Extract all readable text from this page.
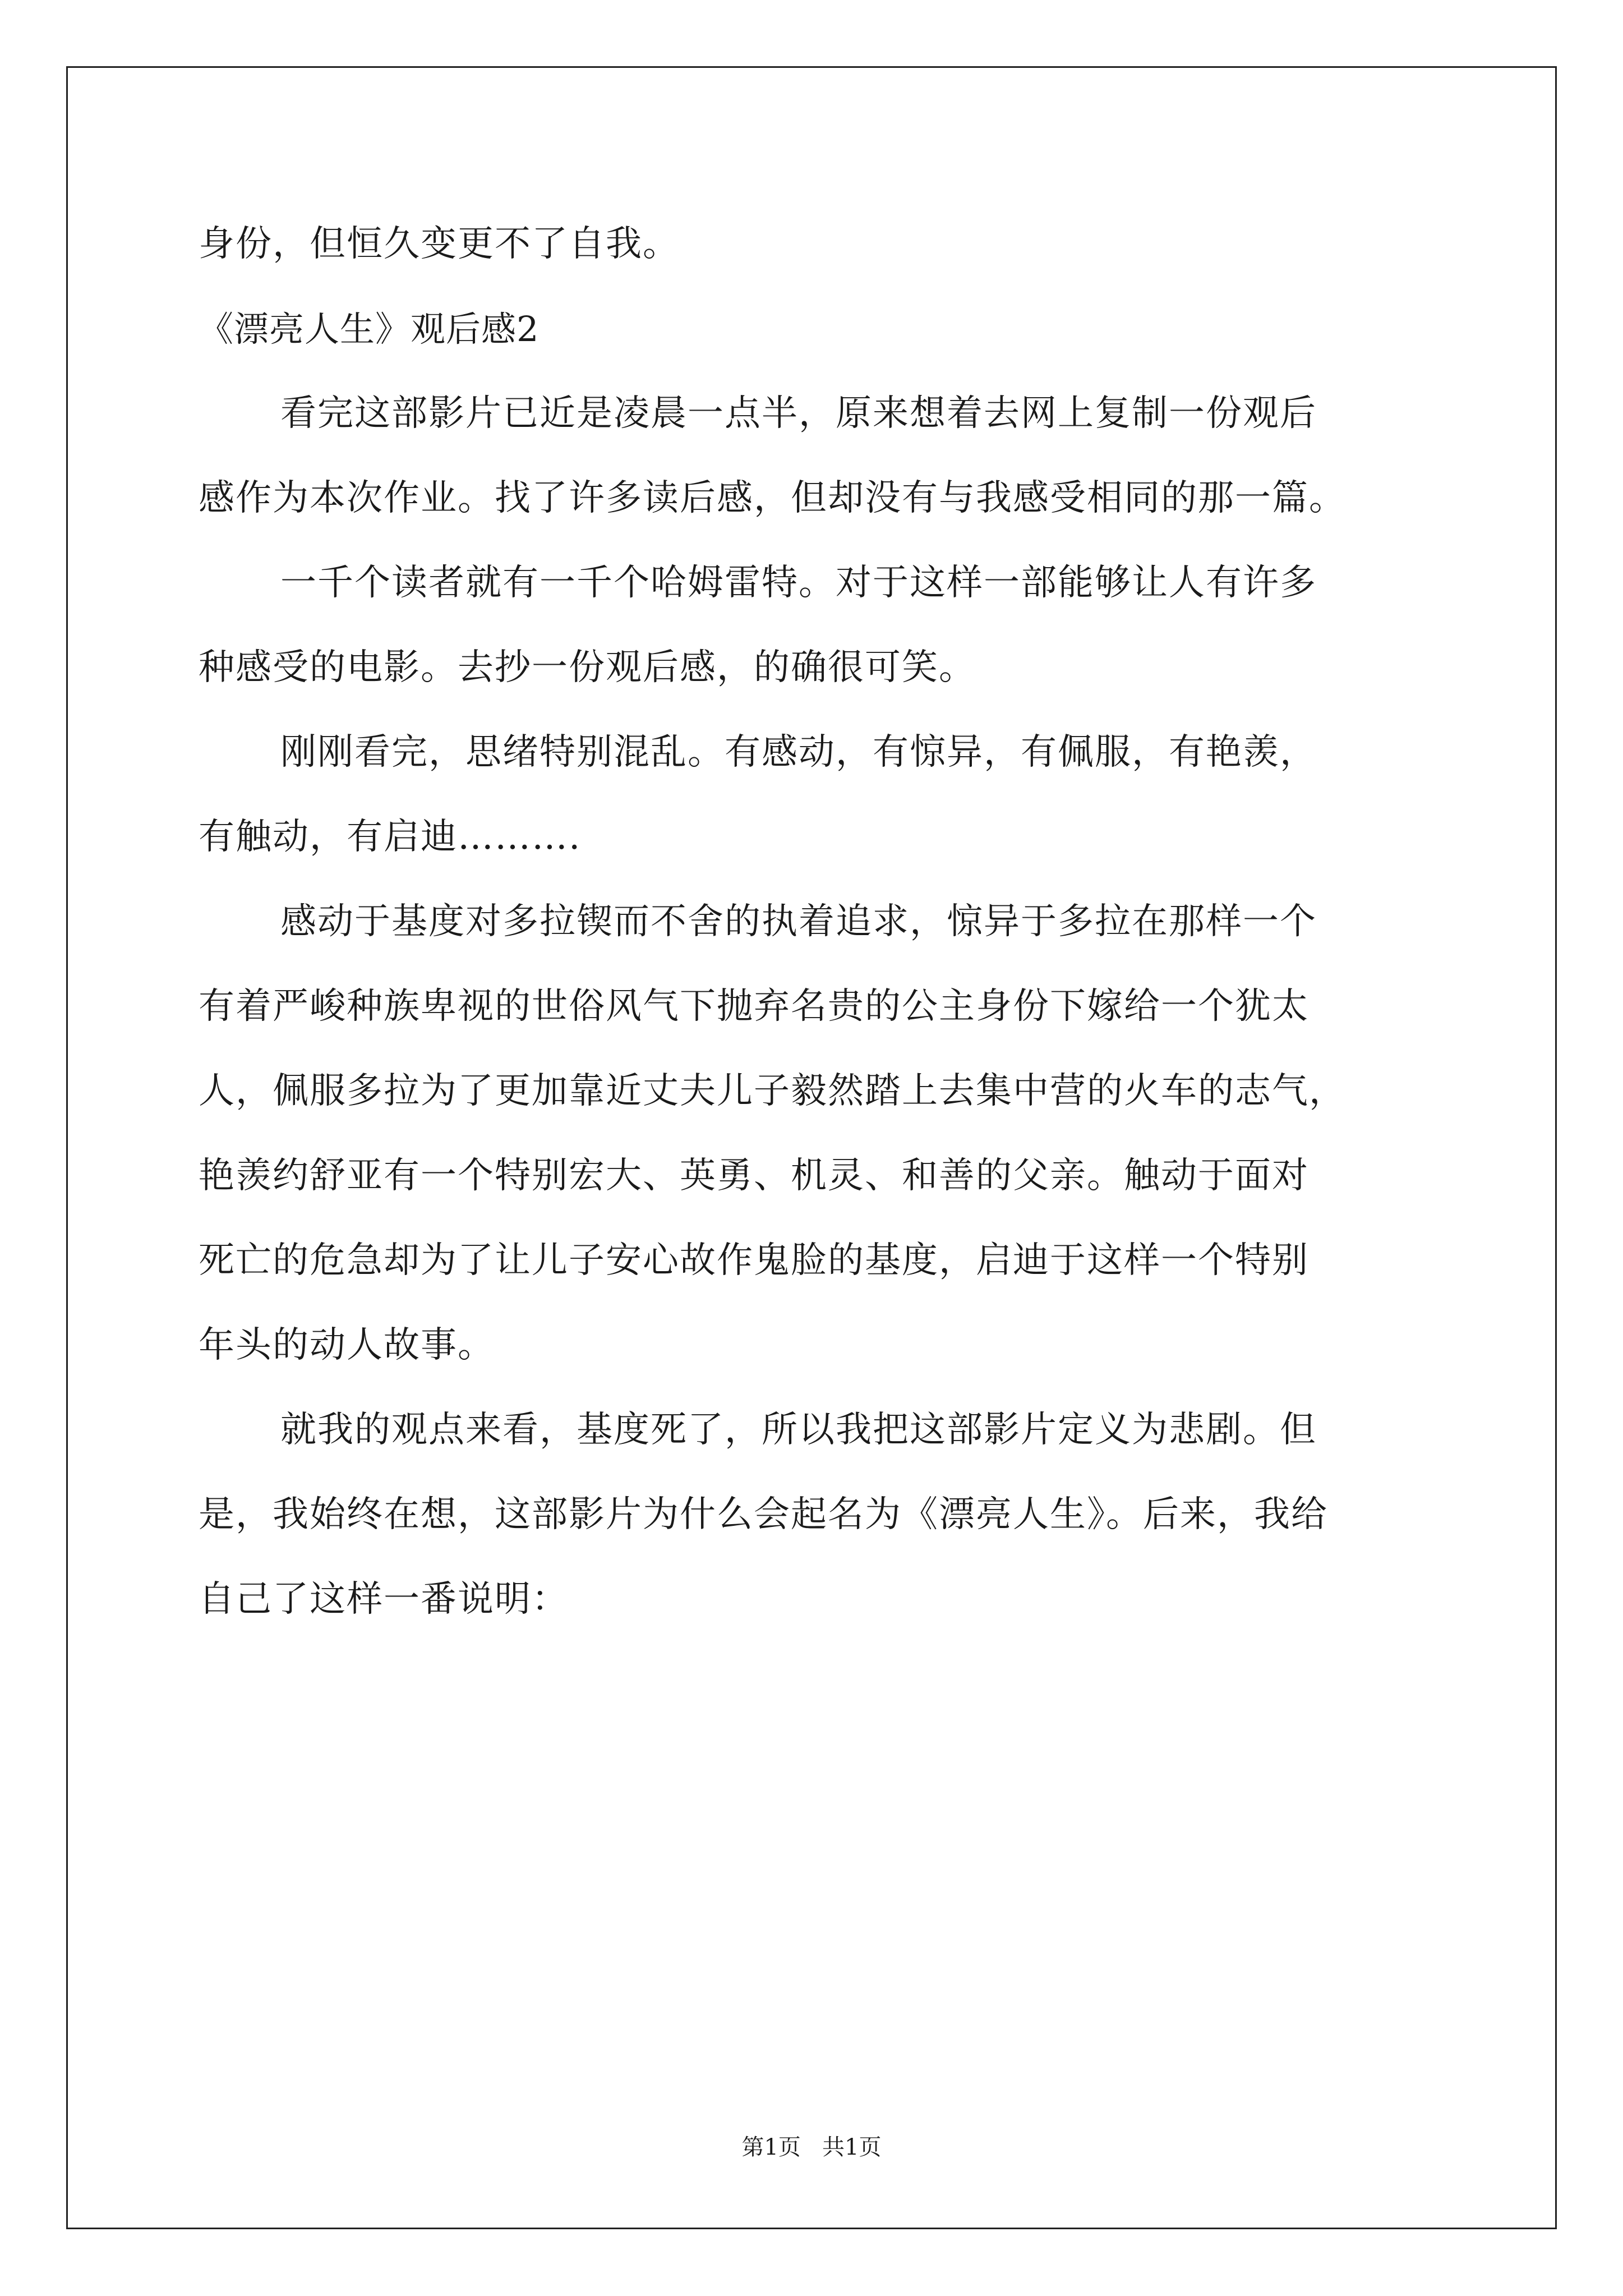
身份，但恒久变更不了自我。
《漂亮人生》观后感2
看完这部影片已近是凌晨一点半，原来想着去网上复制一份观后
感作为本次作业。找了许多读后感，但却没有与我感受相同的那一篇。
一千个读者就有一千个哈姆雷特。对于这样一部能够让人有许多
种感受的电影。去抄一份观后感，的确很可笑。
刚刚看完，思绪特别混乱。有感动，有惊异，有佩服，有艳羡，
有触动，有启迪……….
感动于基度对多拉锲而不舍的执着追求，惊异于多拉在那样一个
有着严峻种族卑视的世俗风气下抛弃名贵的公主身份下嫁给一个犹太
人，佩服多拉为了更加靠近丈夫儿子毅然踏上去集中营的火车的志气，
艳羡约舒亚有一个特别宏大、英勇、机灵、和善的父亲。触动于面对
死亡的危急却为了让儿子安心故作鬼脸的基度，启迪于这样一个特别
年头的动人故事。
就我的观点来看，基度死了，所以我把这部影片定义为悲剧。但
是，我始终在想，这部影片为什么会起名为《漂亮人生》。后来，我给
自己了这样一番说明：
第1页   共1页
